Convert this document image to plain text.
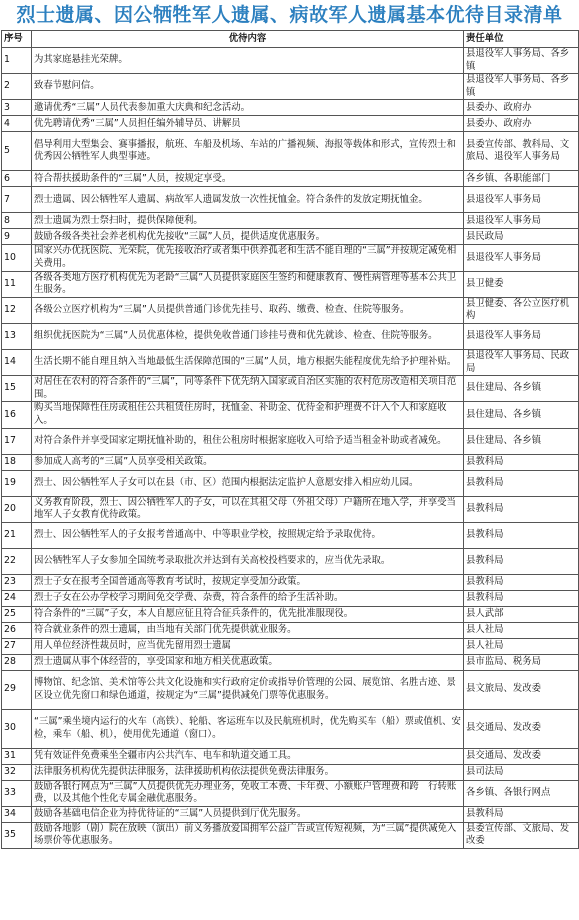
烈士遗属、因公牺牲军人遗属、病故军人遗属基本优待目录清单
序号	优待内容	责任单位
1	为其家庭悬挂光荣牌。	县退役军人事务局、各乡镇
2	致春节慰问信。	县退役军人事务局、各乡镇
3	邀请优秀“三属”人员代表参加重大庆典和纪念活动。	县委办、政府办
4	优先聘请优秀“三属”人员担任编外辅导员、讲解员	县委办、政府办
5	倡导利用大型集会、赛事播报，航班、车船及机场、车站的广播视频、海报等载体和形式，宣传烈士和优秀因公牺牲军人典型事迹。	县委宣传部、教科局、文旅局、退役军人事务局
6	符合帮扶援助条件的“三属”人员，按规定享受。	各乡镇、各职能部门
7	烈士遗属、因公牺牲军人遗属、病故军人遗属发放一次性抚恤金。符合条件的发放定期抚恤金。	县退役军人事务局
8	烈士遗属为烈士祭扫时，提供保障便利。	县退役军人事务局
9	鼓励各级各类社会养老机构优先接收“三属”人员，提供适度优惠服务。	县民政局
10	国家兴办优抚医院、光荣院，优先接收治疗或者集中供养孤老和生活不能自理的“三属”并按规定减免相关费用。	县退役军人事务局
11	各级各类地方医疗机构优先为老龄“三属”人员提供家庭医生签约和健康教育、慢性病管理等基本公共卫生服务。	县卫健委
12	各级公立医疗机构为“三属”人员提供普通门诊优先挂号、取药、缴费、检查、住院等服务。	县卫健委、各公立医疗机构
13	组织优抚医院为“三属”人员优惠体检，提供免收普通门诊挂号费和优先就诊、检查、住院等服务。	县退役军人事务局
14	生活长期不能自理且纳入当地最低生活保障范围的“三属”人员，地方根据失能程度优先给予护理补贴。	县退役军人事务局、民政局
15	对居住在农村的符合条件的“三属”，同等条件下优先纳入国家或自治区实施的农村危房改造相关项目范围。	县住建局、各乡镇
16	购买当地保障性住房或租住公共租赁住房时，抚恤金、补助金、优待金和护理费不计入个人和家庭收入。	县住建局、各乡镇
17	对符合条件并享受国家定期抚恤补助的，租住公租房时根据家庭收入可给予适当租金补助或者减免。	县住建局、各乡镇
18	参加成人高考的“三属”人员享受相关政策。	县教科局
19	烈士、因公牺牲军人子女可以在县（市、区）范围内根据法定监护人意愿安排入相应幼儿园。	县教科局
20	义务教育阶段，烈士、因公牺牲军人的子女，可以在其祖父母（外祖父母）户籍所在地入学，并享受当地军人子女教育优待政策。	县教科局
21	烈士、因公牺牲军人的子女报考普通高中、中等职业学校，按照规定给予录取优待。	县教科局
22	因公牺牲军人子女参加全国统考录取批次并达到有关高校投档要求的，应当优先录取。	县教科局
23	烈士子女在报考全国普通高等教育考试时，按规定享受加分政策。	县教科局
24	烈士子女在公办学校学习期间免交学费、杂费，符合条件的给予生活补助。	县教科局
25	符合条件的“三属”子女，本人自愿应征且符合征兵条件的，优先批准服现役。	县人武部
26	符合就业条件的烈士遗属，由当地有关部门优先提供就业服务。	县人社局
27	用人单位经济性裁员时，应当优先留用烈士遗属	县人社局
28	烈士遗属从事个体经营的，享受国家和地方相关优惠政策。	县市监局、税务局
29	博物馆、纪念馆、美术馆等公共文化设施和实行政府定价或指导价管理的公园、展览馆、名胜古迹、景区设立优先窗口和绿色通道，按规定为“三属”提供减免门票等优惠服务。	县文旅局、发改委
30	“三属”乘坐境内运行的火车（高铁）、轮船、客运班车以及民航班机时，优先购买车（船）票或值机、安检，乘车（船、机），使用优先通道（窗口）。	县交通局、发改委
31	凭有效证件免费乘坐全疆市内公共汽车、电车和轨道交通工具。	县交通局、发改委
32	法律服务机构优先提供法律服务，法律援助机构依法提供免费法律服务。	县司法局
33	鼓励各银行网点为“三属”人员提供优先办理业务，免收工本费、卡年费、小额账户管理费和跨　行转账费，以及其他个性化专属金融优惠服务。	各乡镇、各银行网点
34	鼓励各基础电信企业为持优待证的“三属”人员提供到厅优先服务。	县教科局
35	鼓励各地影（剧）院在放映（演出）前义务播放爱国拥军公益广告或宣传短视频，为“三属”提供减免入场票价等优惠服务。	县委宣传部、文旅局、发改委
